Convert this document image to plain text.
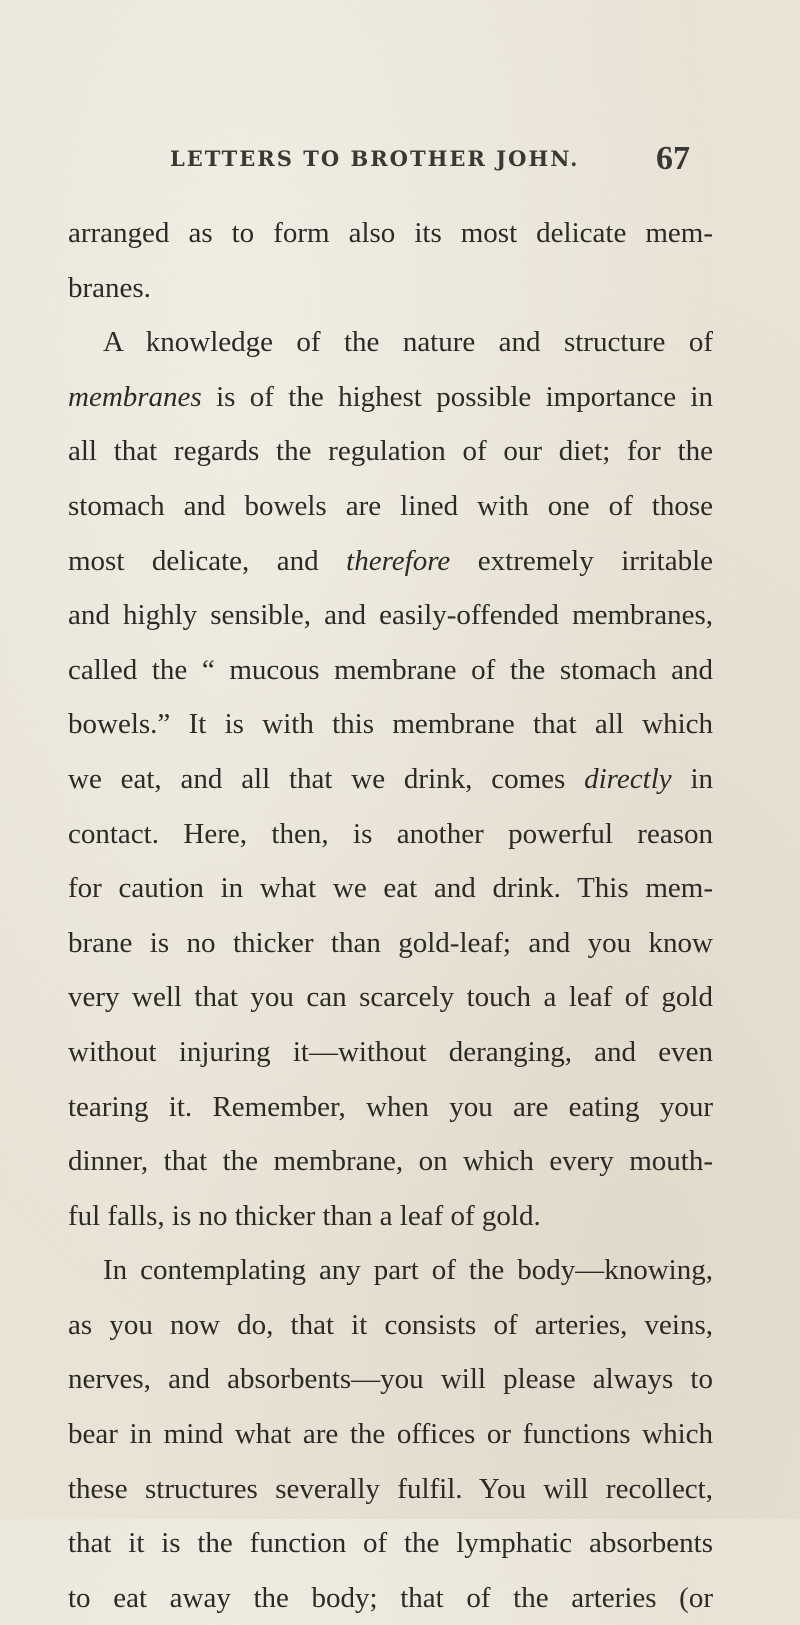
LETTERS TO BROTHER JOHN. 67
arranged as to form also its most delicate mem-
branes.
A knowledge of the nature and structure of
membranes is of the highest possible importance in
all that regards the regulation of our diet; for the
stomach and bowels are lined with one of those
most delicate, and therefore extremely irritable
and highly sensible, and easily-offended membranes,
called the “ mucous membrane of the stomach and
bowels.” It is with this membrane that all which
we eat, and all that we drink, comes directly in
contact. Here, then, is another powerful reason
for caution in what we eat and drink. This mem-
brane is no thicker than gold-leaf; and you know
very well that you can scarcely touch a leaf of gold
without injuring it—without deranging, and even
tearing it. Remember, when you are eating your
dinner, that the membrane, on which every mouth-
ful falls, is no thicker than a leaf of gold.
In contemplating any part of the body—knowing,
as you now do, that it consists of arteries, veins,
nerves, and absorbents—you will please always to
bear in mind what are the offices or functions which
these structures severally fulfil. You will recollect,
that it is the function of the lymphatic absorbents
to eat away the body; that of the arteries (or
